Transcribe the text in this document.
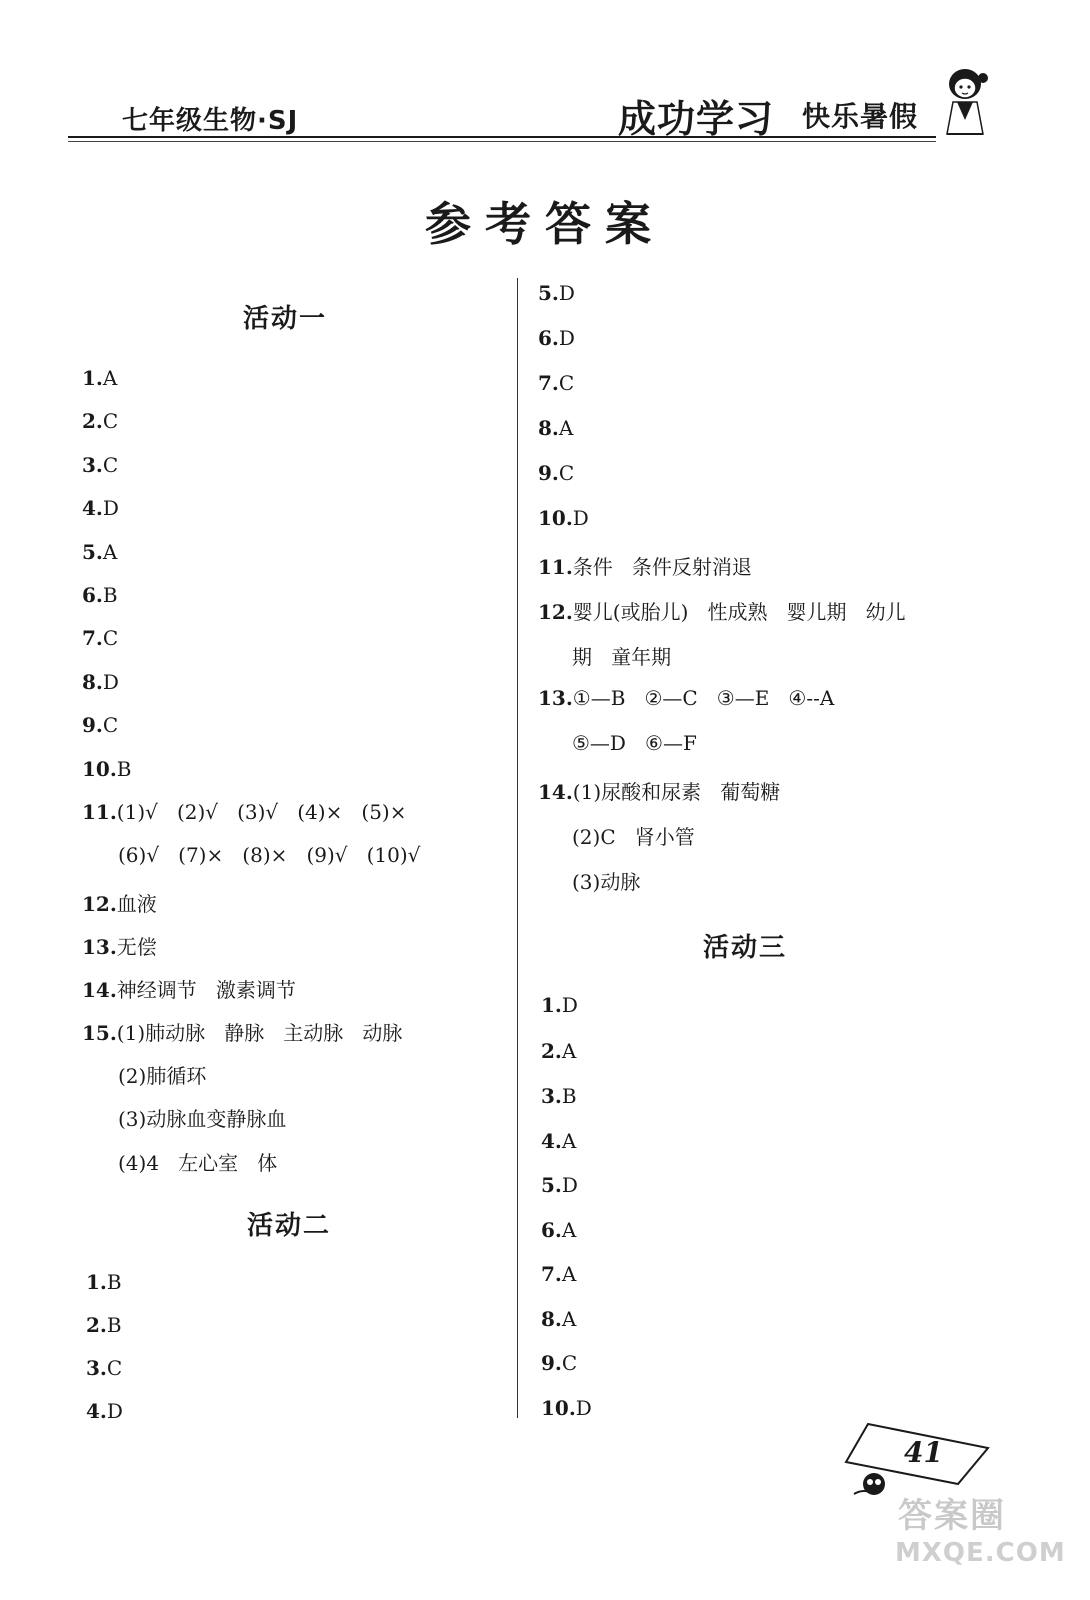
七年级生物·SJ	成功学习 快乐暑假
参考答案
活动一
1.A
2.C
3.C
4.D
5.A
6.B
7.C
8.D
9.C
10.B
11.(1)√   (2)√   (3)√   (4)×   (5)×
(6)√   (7)×   (8)×   (9)√   (10)√
12.血液
13.无偿
14.神经调节   激素调节
15.(1)肺动脉   静脉   主动脉   动脉
(2)肺循环
(3)动脉血变静脉血
(4)4   左心室   体
活动二
1.B
2.B
3.C
4.D
5.D
6.D
7.C
8.A
9.C
10.D
11.条件   条件反射消退
12.婴儿(或胎儿)   性成熟   婴儿期   幼儿
期   童年期
13.①—B   ②—C   ③—E   ④--A
⑤—D   ⑥—F
14.(1)尿酸和尿素   葡萄糖
(2)C   肾小管
(3)动脉
活动三
1.D
2.A
3.B
4.A
5.D
6.A
7.A
8.A
9.C
10.D
41
答案圈
MXQE.COM
